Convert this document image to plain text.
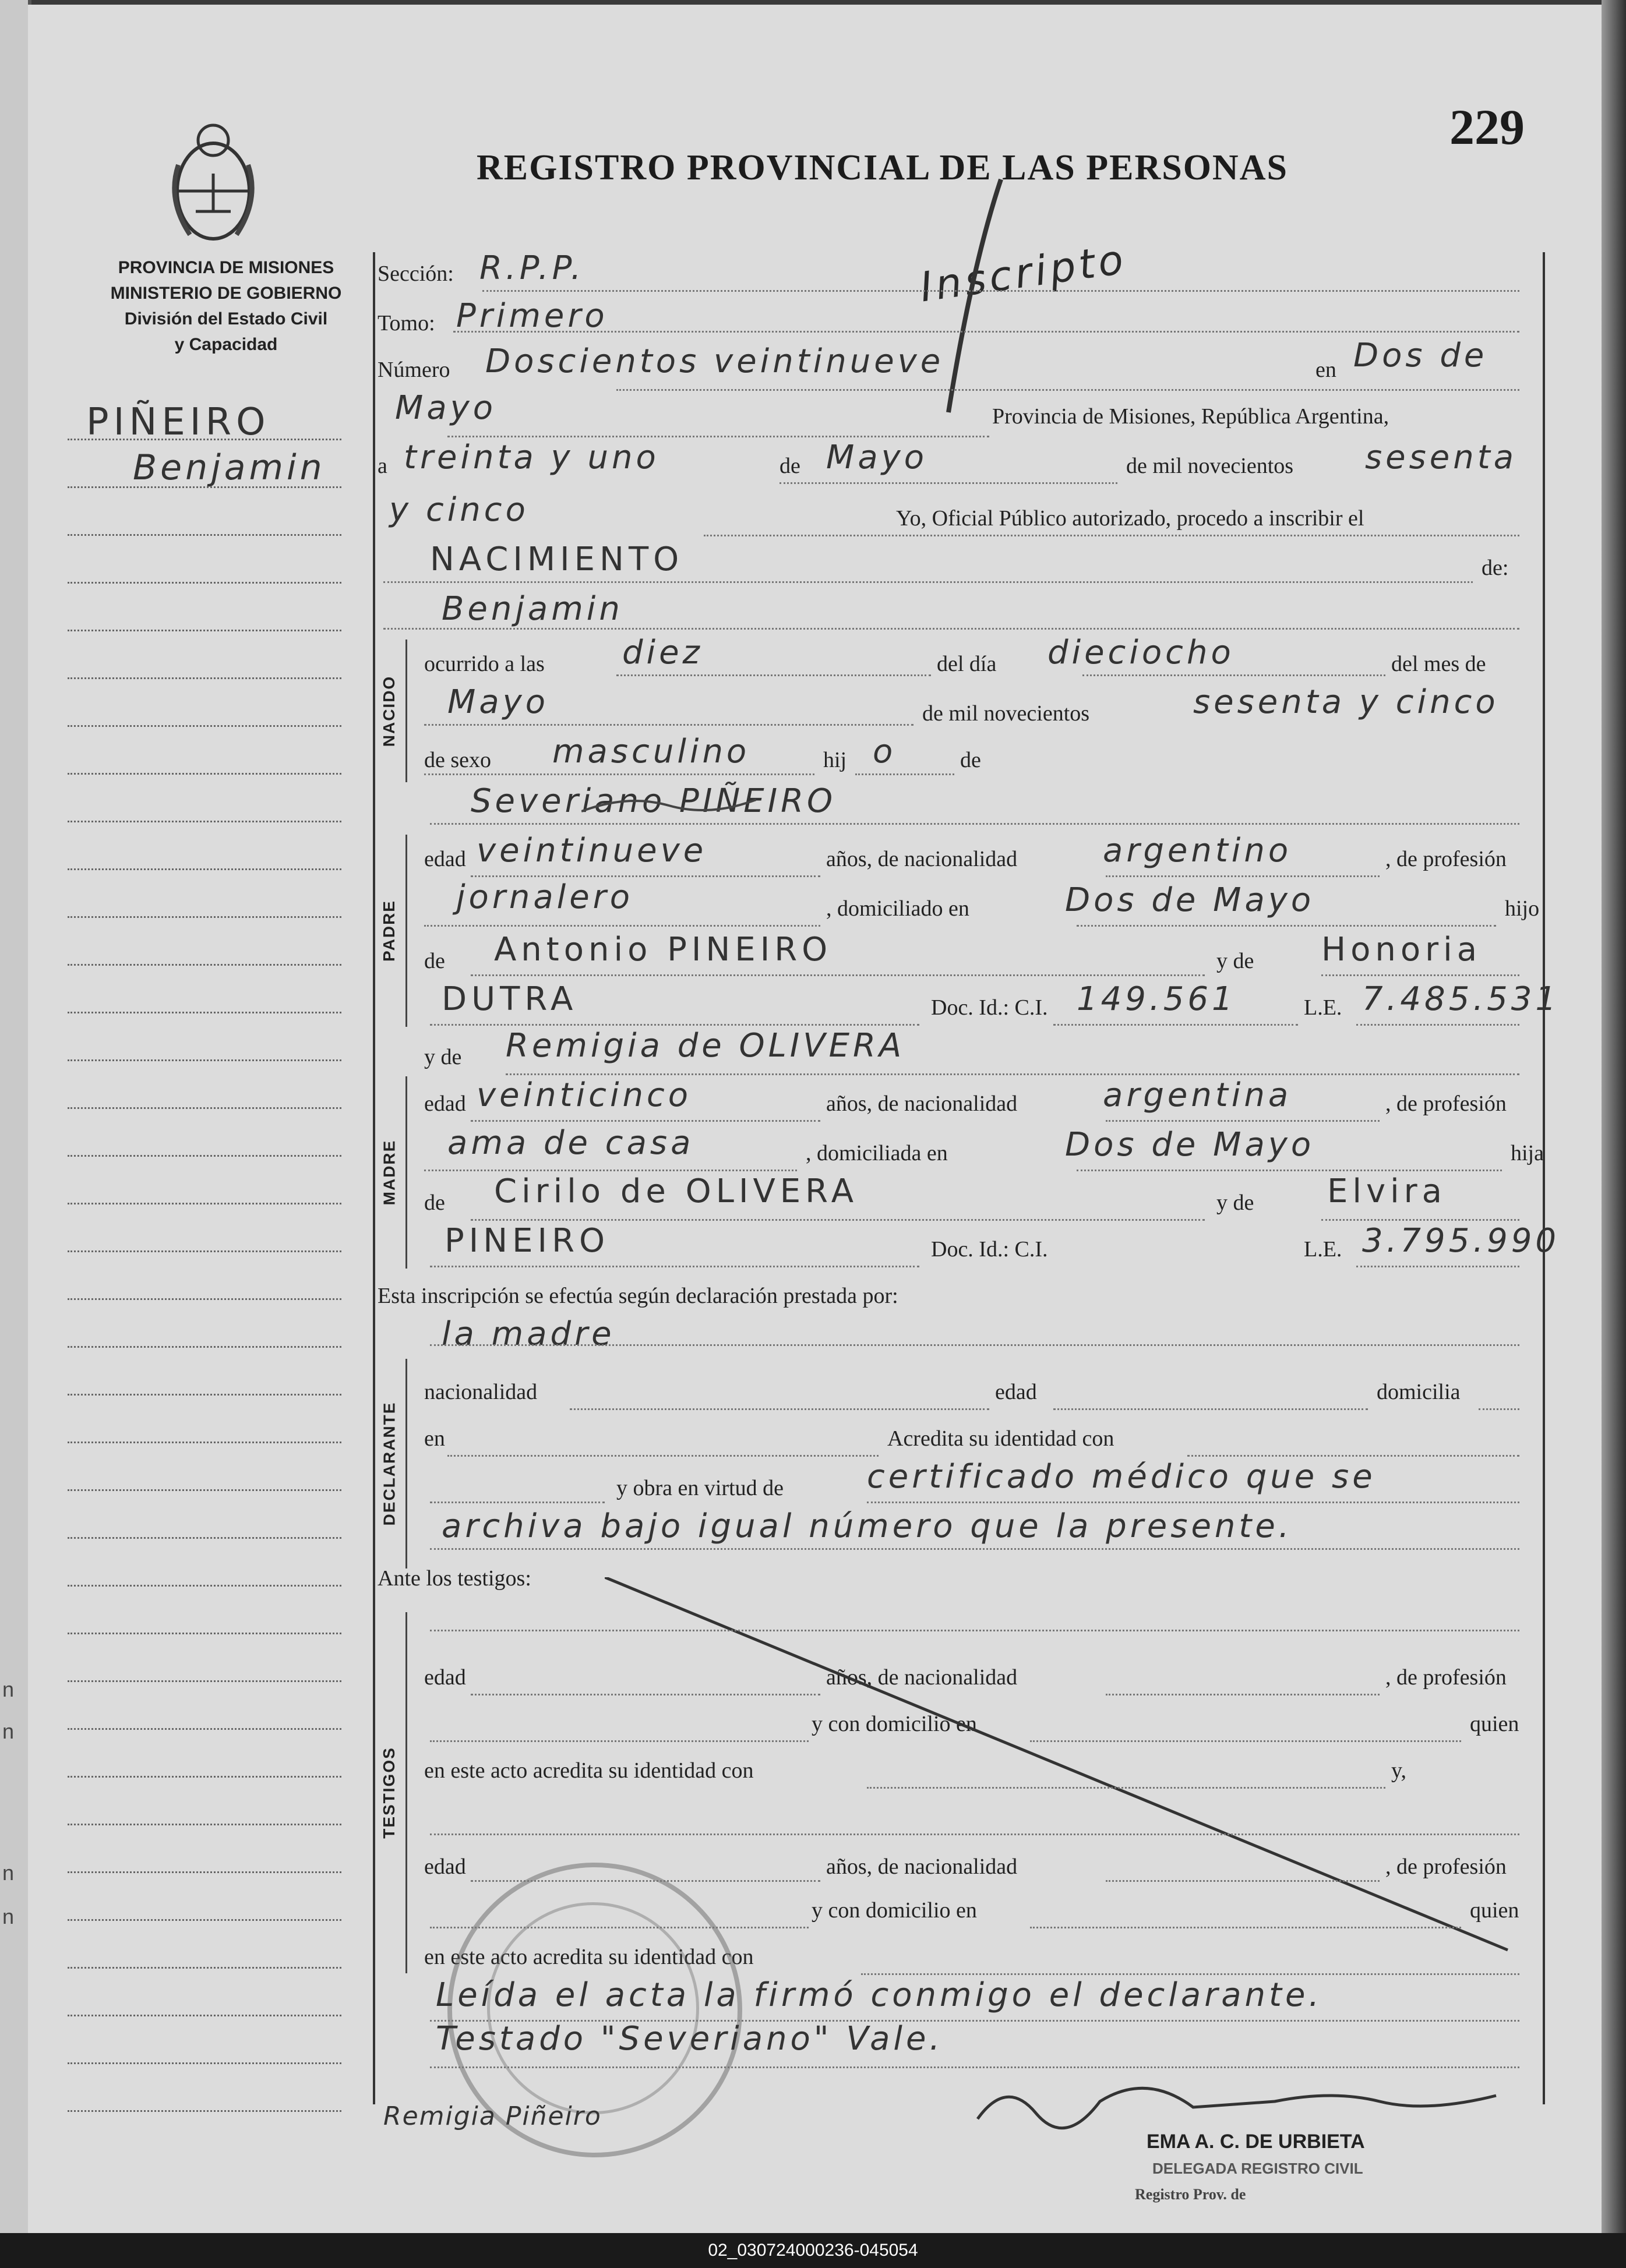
n
n
n
n
PROVINCIA DE MISIONES
MINISTERIO DE GOBIERNO
División del Estado Civil
y Capacidad
REGISTRO PROVINCIAL DE LAS PERSONAS
229
PIÑEIRO
Benjamin
Inscripto
NACIDO
PADRE
MADRE
DECLARANTE
TESTIGOS
Sección: R.P.P.
Tomo: Primero
Número Doscientos veintinueve	en Dos de
Mayo	Provincia de Misiones, República Argentina,
a treinta y uno	de Mayo	de mil novecientos sesenta
y cinco	Yo, Oficial Público autorizado, procedo a inscribir el
NACIMIENTO	de:
Benjamin
ocurrido a las diez	del día dieciocho	del mes de
Mayo	de mil novecientos	sesenta y cinco
de sexo masculino	hij o	de
Severiano PIÑEIRO
edad veintinueve	años, de nacionalidad	argentino	, de profesión
jornalero	, domiciliado en	Dos de Mayo	hijo
de Antonio PINEIRO	y de Honoria
DUTRA	Doc. Id.: C.I. 149.561	L.E. 7.485.531
y de Remigia de OLIVERA
edad veinticinco	años, de nacionalidad	argentina	, de profesión
ama de casa	, domiciliada en	Dos de Mayo	hija
de Cirilo de OLIVERA	y de Elvira
PINEIRO	Doc. Id.: C.I.	L.E. 3.795.990
Esta inscripción se efectúa según declaración prestada por:
la madre
nacionalidad	edad	domicilia
en	Acredita su identidad con
y obra en virtud de	certificado médico que se
archiva bajo igual número que la presente.
Ante los testigos:
edad	años, de nacionalidad	, de profesión
y con domicilio en	quien
en este acto acredita su identidad con	y,
edad	años, de nacionalidad	, de profesión
y con domicilio en	quien
en este acto acredita su identidad con
Leída el acta la firmó conmigo el declarante.
Testado "Severiano" Vale.
Remigia Piñeiro
EMA A. C. DE URBIETA
DELEGADA REGISTRO CIVIL
Registro Prov. de
02_030724000236-045054
